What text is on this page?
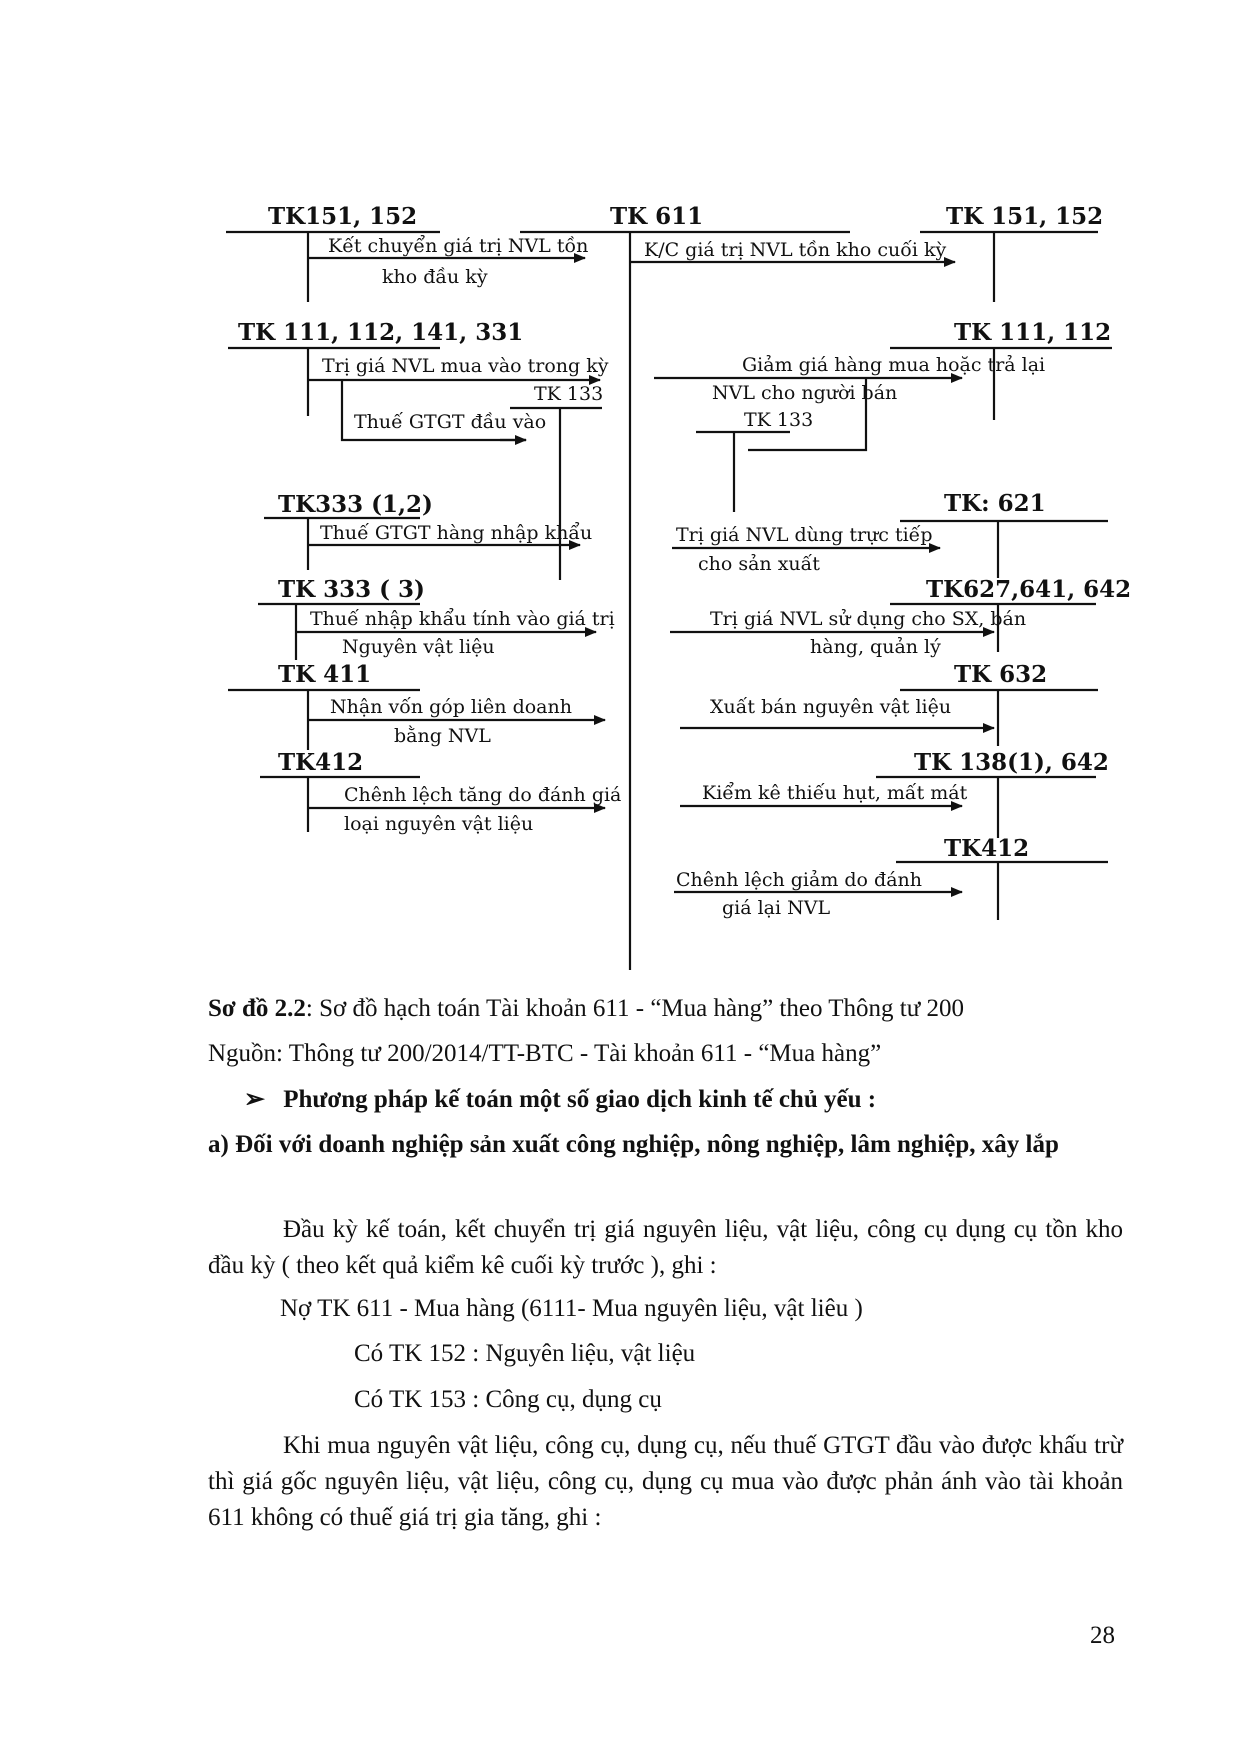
TK 611
TK151, 152
Kết chuyển giá trị NVL tồn
kho đầu kỳ
TK 111, 112, 141, 331
Trị giá NVL mua vào trong kỳ
TK 133
Thuế GTGT đầu vào
TK333 (1,2)
Thuế GTGT hàng nhập khẩu
TK 333 ( 3)
Thuế nhập khẩu tính vào giá trị
Nguyên vật liệu
TK 411
Nhận vốn góp liên doanh
bằng NVL
TK412
Chênh lệch tăng do đánh giá
loại nguyên vật liệu
TK 151, 152
K/C giá trị NVL tồn kho cuối kỳ
TK 111, 112
Giảm giá hàng mua hoặc trả lại
NVL cho người bán
TK 133
TK: 621
Trị giá NVL dùng trực tiếp
cho sản xuất
TK627,641, 642
Trị giá NVL sử dụng cho SX, bán
hàng, quản lý
TK 632
Xuất bán nguyên vật liệu
TK 138(1), 642
Kiểm kê thiếu hụt, mất mát
TK412
Chênh lệch giảm do đánh
giá lại NVL
Sơ đồ 2.2: Sơ đồ hạch toán Tài khoản 611 - “Mua hàng” theo Thông tư 200
Nguồn: Thông tư 200/2014/TT-BTC - Tài khoản 611 - “Mua hàng”
➢ Phương pháp kế toán một số giao dịch kinh tế chủ yếu :
a) Đối với doanh nghiệp sản xuất công nghiệp, nông nghiệp, lâm nghiệp, xây lắp
Đầu kỳ kế toán, kết chuyển trị giá nguyên liệu, vật liệu, công cụ dụng cụ tồn kho đầu kỳ ( theo kết quả kiểm kê cuối kỳ trước ), ghi :
Nợ TK 611 - Mua hàng (6111- Mua nguyên liệu, vật liêu )
Có TK 152 : Nguyên liệu, vật liệu
Có TK 153 : Công cụ, dụng cụ
Khi mua nguyên vật liệu, công cụ, dụng cụ, nếu thuế GTGT đầu vào được khấu trừ thì giá gốc nguyên liệu, vật liệu, công cụ, dụng cụ mua vào được phản ánh vào tài khoản 611 không có thuế giá trị gia tăng, ghi :
28
